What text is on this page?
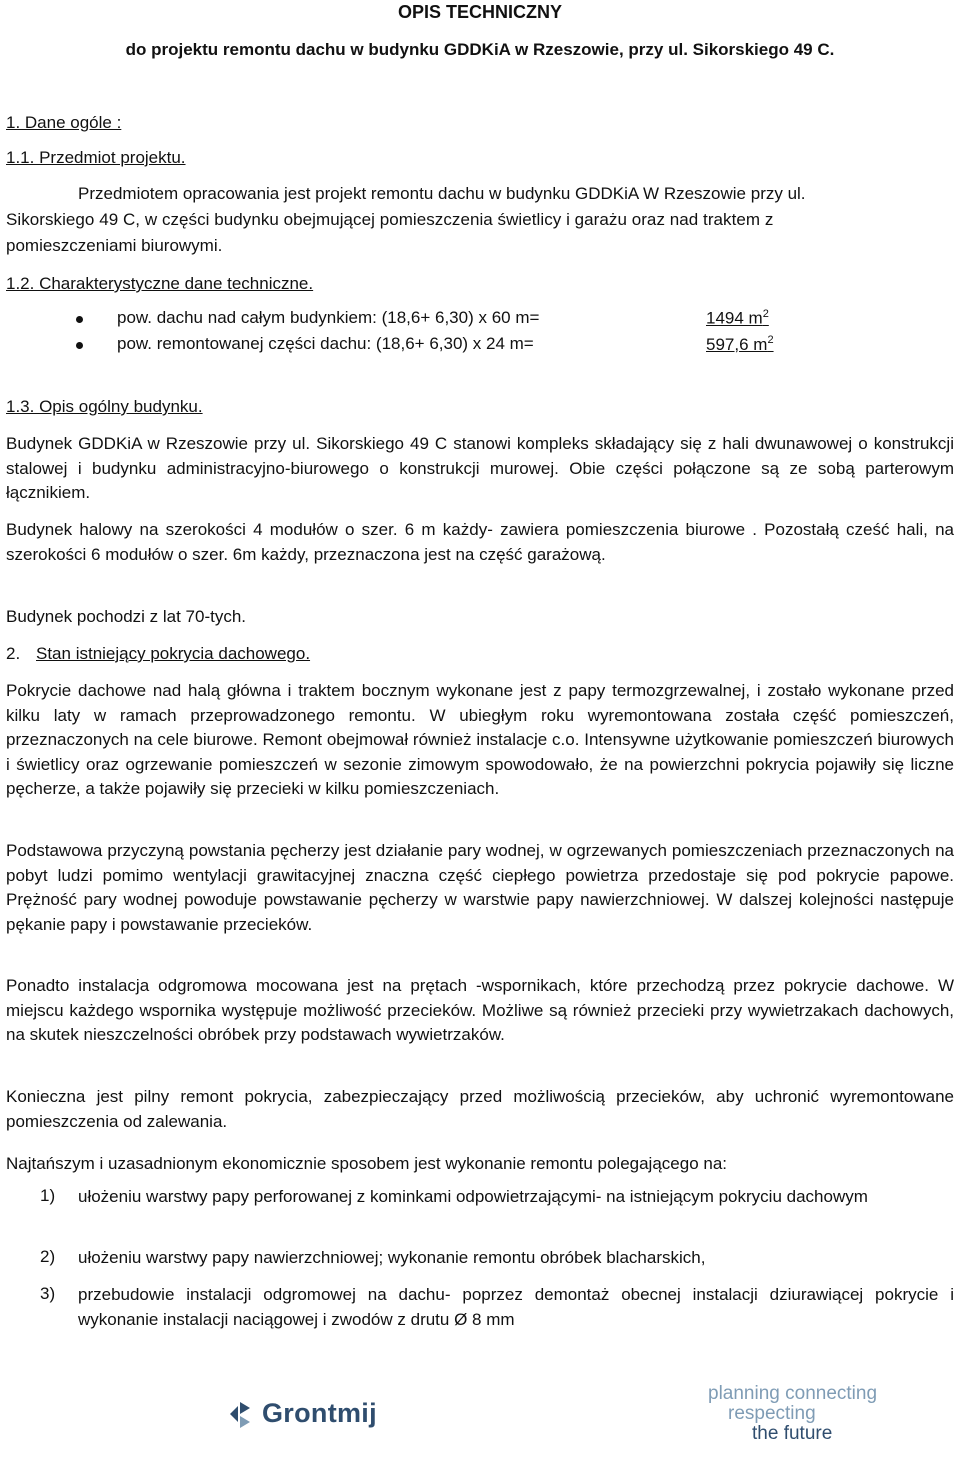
OPIS TECHNICZNY
do projektu remontu dachu w budynku GDDKiA w Rzeszowie, przy ul. Sikorskiego 49 C.
1. Dane ogóle :
1.1. Przedmiot projektu.
Przedmiotem opracowania jest projekt remontu dachu w budynku GDDKiA W Rzeszowie przy ul.
Sikorskiego 49 C, w części budynku obejmującej pomieszczenia świetlicy i garażu oraz nad traktem z
pomieszczeniami biurowymi.
1.2. Charakterystyczne dane techniczne.
pow. dachu nad całym budynkiem: (18,6+ 6,30) x 60 m=	1494 $m^2$
pow. remontowanej części dachu: (18,6+ 6,30) x 24 m=	597,6 $m^2$
1.3. Opis ogólny budynku.
Budynek GDDKiA w Rzeszowie przy ul. Sikorskiego 49 C stanowi kompleks składający się z hali dwunawowej o konstrukcji stalowej i budynku administracyjno-biurowego o konstrukcji murowej. Obie części połączone są ze sobą parterowym łącznikiem.
Budynek halowy na szerokości 4 modułów o szer. 6 m każdy- zawiera pomieszczenia biurowe . Pozostałą cześć hali, na szerokości 6 modułów o szer. 6m każdy, przeznaczona jest na część garażową.
Budynek pochodzi z lat 70-tych.
2. Stan istniejący pokrycia dachowego.
Pokrycie dachowe nad halą główna i traktem bocznym wykonane jest z papy termozgrzewalnej, i zostało wykonane przed kilku laty w ramach przeprowadzonego remontu. W ubiegłym roku wyremontowana została część pomieszczeń, przeznaczonych na cele biurowe. Remont obejmował również instalacje c.o. Intensywne użytkowanie pomieszczeń biurowych i świetlicy oraz ogrzewanie pomieszczeń w sezonie zimowym spowodowało, że na powierzchni pokrycia pojawiły się liczne pęcherze, a także pojawiły się przecieki w kilku pomieszczeniach.
Podstawowa przyczyną powstania pęcherzy jest działanie pary wodnej, w ogrzewanych pomieszczeniach przeznaczonych na pobyt ludzi pomimo wentylacji grawitacyjnej znaczna część ciepłego powietrza przedostaje się pod pokrycie papowe. Prężność pary wodnej powoduje powstawanie pęcherzy w warstwie papy nawierzchniowej. W dalszej kolejności następuje pękanie papy i powstawanie przecieków.
Ponadto instalacja odgromowa mocowana jest na prętach -wspornikach, które przechodzą przez pokrycie dachowe. W miejscu każdego wspornika występuje możliwość przecieków. Możliwe są również przecieki przy wywietrzakach dachowych, na skutek nieszczelności obróbek przy podstawach wywietrzaków.
Konieczna jest pilny remont pokrycia, zabezpieczający przed możliwością przecieków, aby uchronić wyremontowane pomieszczenia od zalewania.
Najtańszym i uzasadnionym ekonomicznie sposobem jest wykonanie remontu polegającego na:
1) ułożeniu warstwy papy perforowanej z kominkami odpowietrzającymi- na istniejącym pokryciu dachowym
2) ułożeniu warstwy papy nawierzchniowej; wykonanie remontu obróbek blacharskich,
3) przebudowie instalacji odgromowej na dachu- poprzez demontaż obecnej instalacji dziurawiącej pokrycie i wykonanie instalacji naciągowej i zwodów z drutu Ø 8 mm
Grontmij
planning connecting
respecting
the future
